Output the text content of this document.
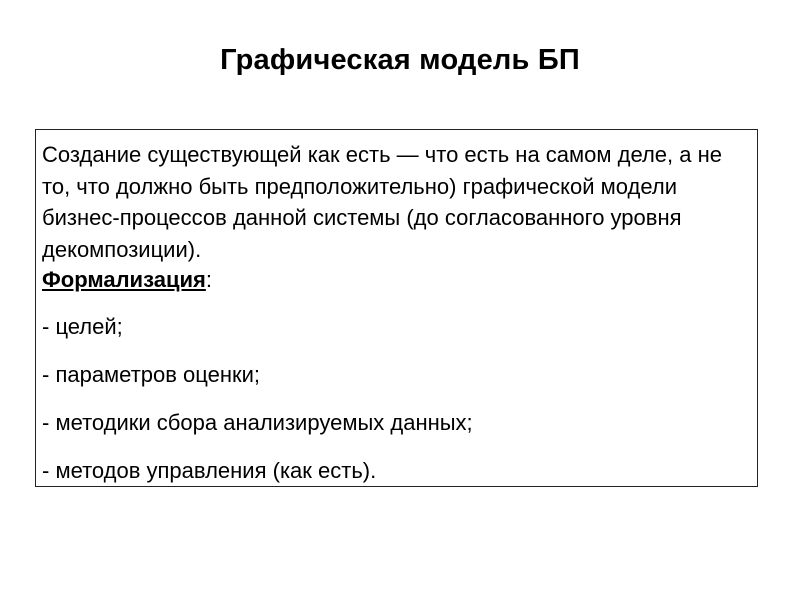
Графическая модель БП

Создание существующей как есть — что есть на самом деле, а не то, что должно быть предположительно) графической модели бизнес-процессов данной системы (до согласованного уровня декомпозиции).

Формализация:

- целей;
- параметров оценки;
- методики сбора анализируемых данных;
- методов управления (как есть).
